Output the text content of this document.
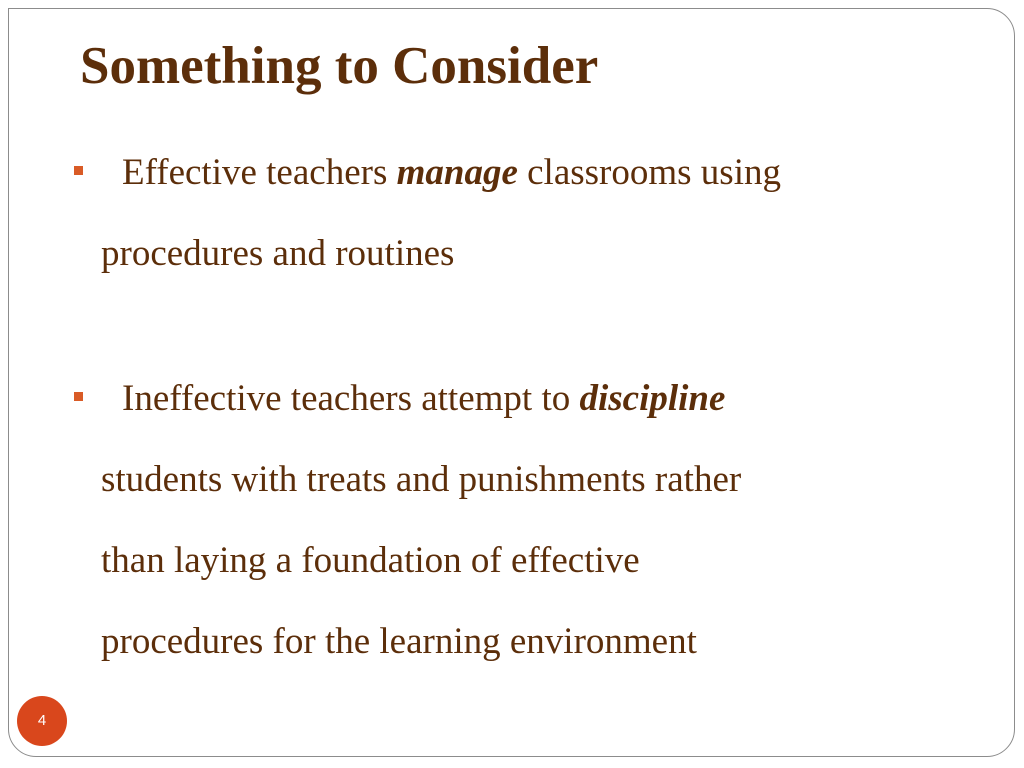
Something to Consider
Effective teachers manage classrooms using
procedures and routines
Ineffective teachers attempt to discipline
students with treats and punishments rather
than laying a foundation of effective
procedures for the learning environment
4
